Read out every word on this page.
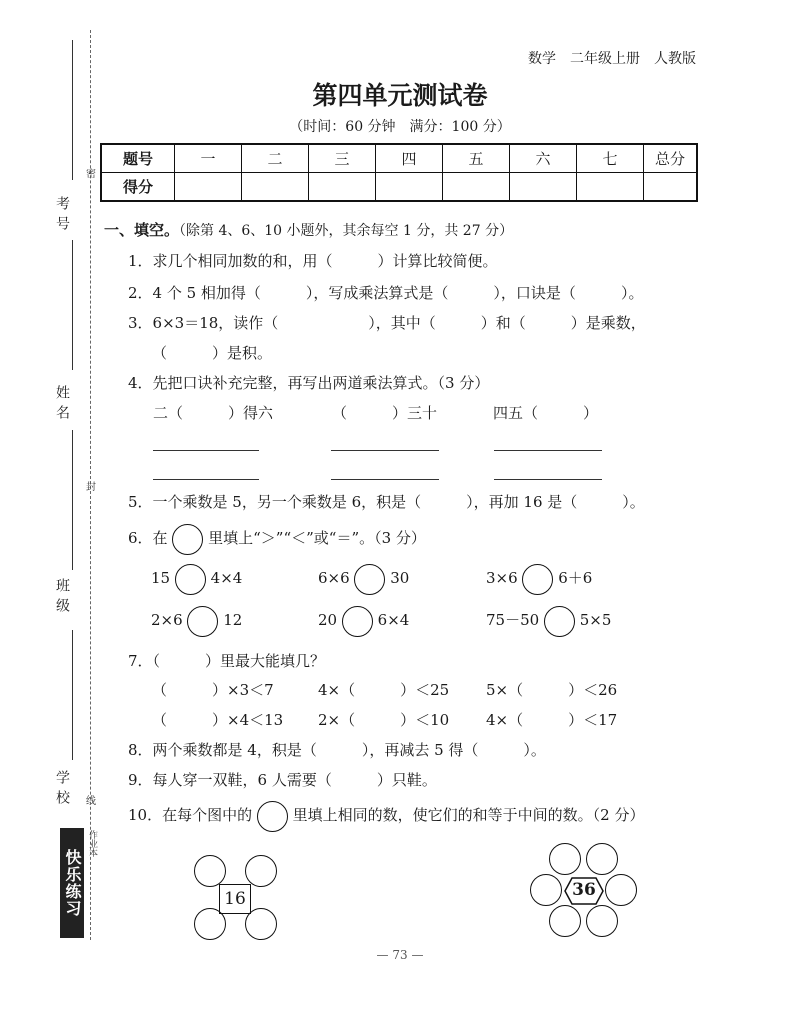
考号
姓名
班级
学校
密
封
线
快乐练习
作业本
数学　二年级上册　人教版
第四单元测试卷
（时间：60 分钟　满分：100 分）
题号	一	二	三	四	五	六	七	总分
得分								
一、填空。（除第 4、6、10 小题外，其余每空 1 分，共 27 分）
1．求几个相同加数的和，用（　　　）计算比较简便。
2．4 个 5 相加得（　　　），写成乘法算式是（　　　），口诀是（　　　）。
3．6×3＝18，读作（　　　　　　），其中（　　　）和（　　　）是乘数，
（　　　）是积。
4．先把口诀补充完整，再写出两道乘法算式。（3 分）
二（　　　）得六	（　　　）三十	四五（　　　）
5．一个乘数是 5，另一个乘数是 6，积是（　　　），再加 16 是（　　　）。
6．在	里填上“＞”“＜”或“＝”。（3 分）
15	4×4	6×6	30	3×6	6＋6
2×6	12	20	6×4	75－50	5×5
7．（　　　）里最大能填几？
（　　　）×3＜7	4×（　　　）＜25 5×（　　　）＜26
（　　　）×4＜13 2×（　　　）＜10 4×（　　　）＜17
8．两个乘数都是 4，积是（　　　），再减去 5 得（　　　）。
9．每人穿一双鞋，6 人需要（　　　）只鞋。
10．在每个图中的	里填上相同的数，使它们的和等于中间的数。（2 分）
16	36
— 73 —
